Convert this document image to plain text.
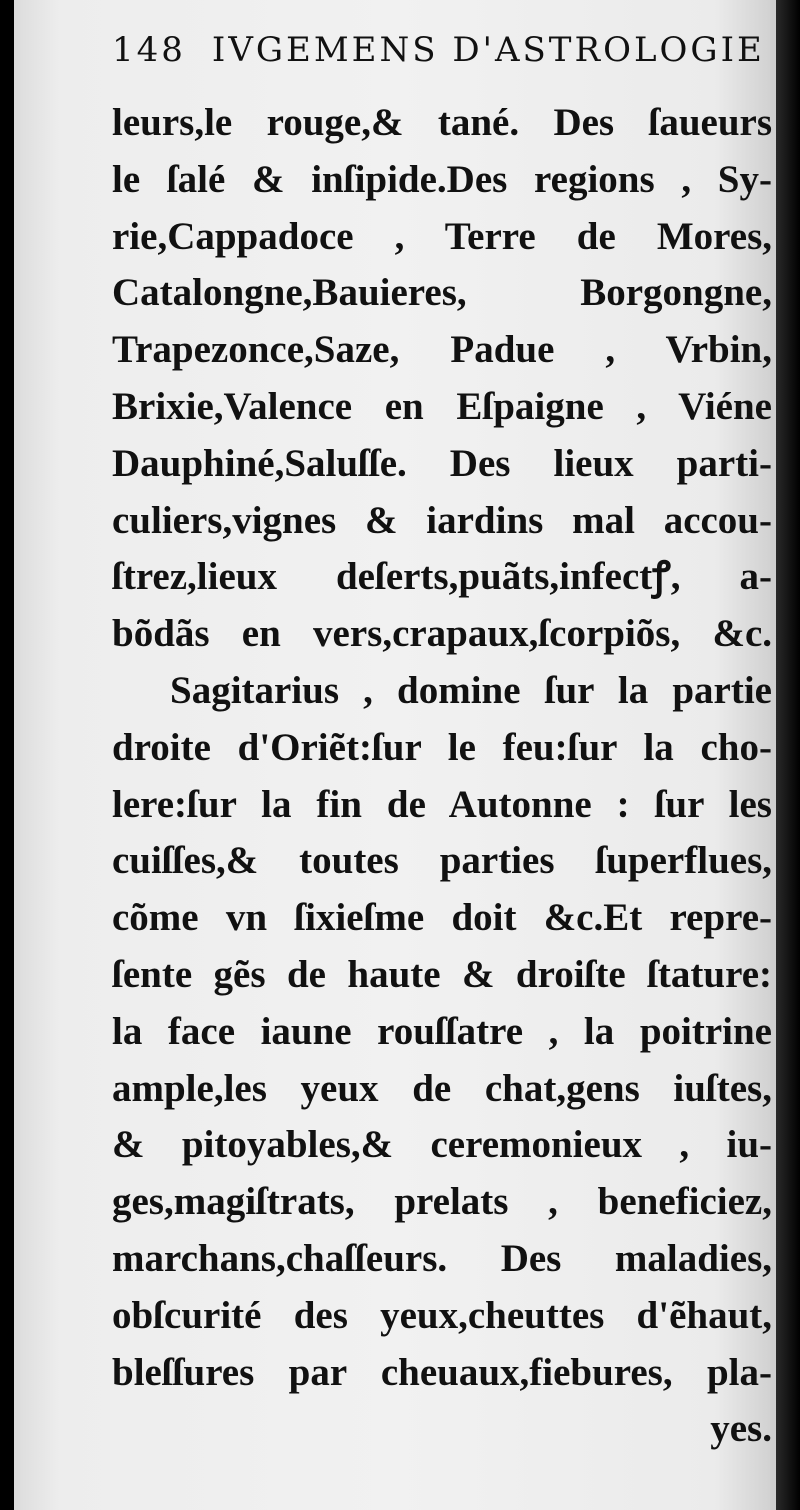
148 IVGEMENS D'ASTROLOGIE
leurs,le rouge,& tané. Des ſaueurs
le ſalé & inſipide.Des regions , Sy-
rie,Cappadoce , Terre de Mores,
Catalongne,Bauieres, Borgongne,
Trapezonce,Saze, Padue , Vrbin,
Brixie,Valence en Eſpaigne , Viéne
Dauphiné,Saluſſe. Des lieux parti-
culiers,vignes & iardins mal accou-
ſtrez,lieux deſerts,puãts,infectꝭ, a-
bõdãs en vers,crapaux,ſcorpiõs, &c.
Sagitarius , domine ſur la partie
droite d'Oriẽt:ſur le feu:ſur la cho-
lere:ſur la fin de Autonne : ſur les
cuiſſes,& toutes parties ſuperflues,
cõme vn ſixieſme doit &c.Et repre-
ſente gẽs de haute & droiſte ſtature:
la face iaune rouſſatre , la poitrine
ample,les yeux de chat,gens iuſtes,
& pitoyables,& ceremonieux , iu-
ges,magiſtrats, prelats , beneficiez,
marchans,chaſſeurs. Des maladies,
obſcurité des yeux,cheuttes d'ẽhaut,
bleſſures par cheuaux,fiebures, pla-
yes.
